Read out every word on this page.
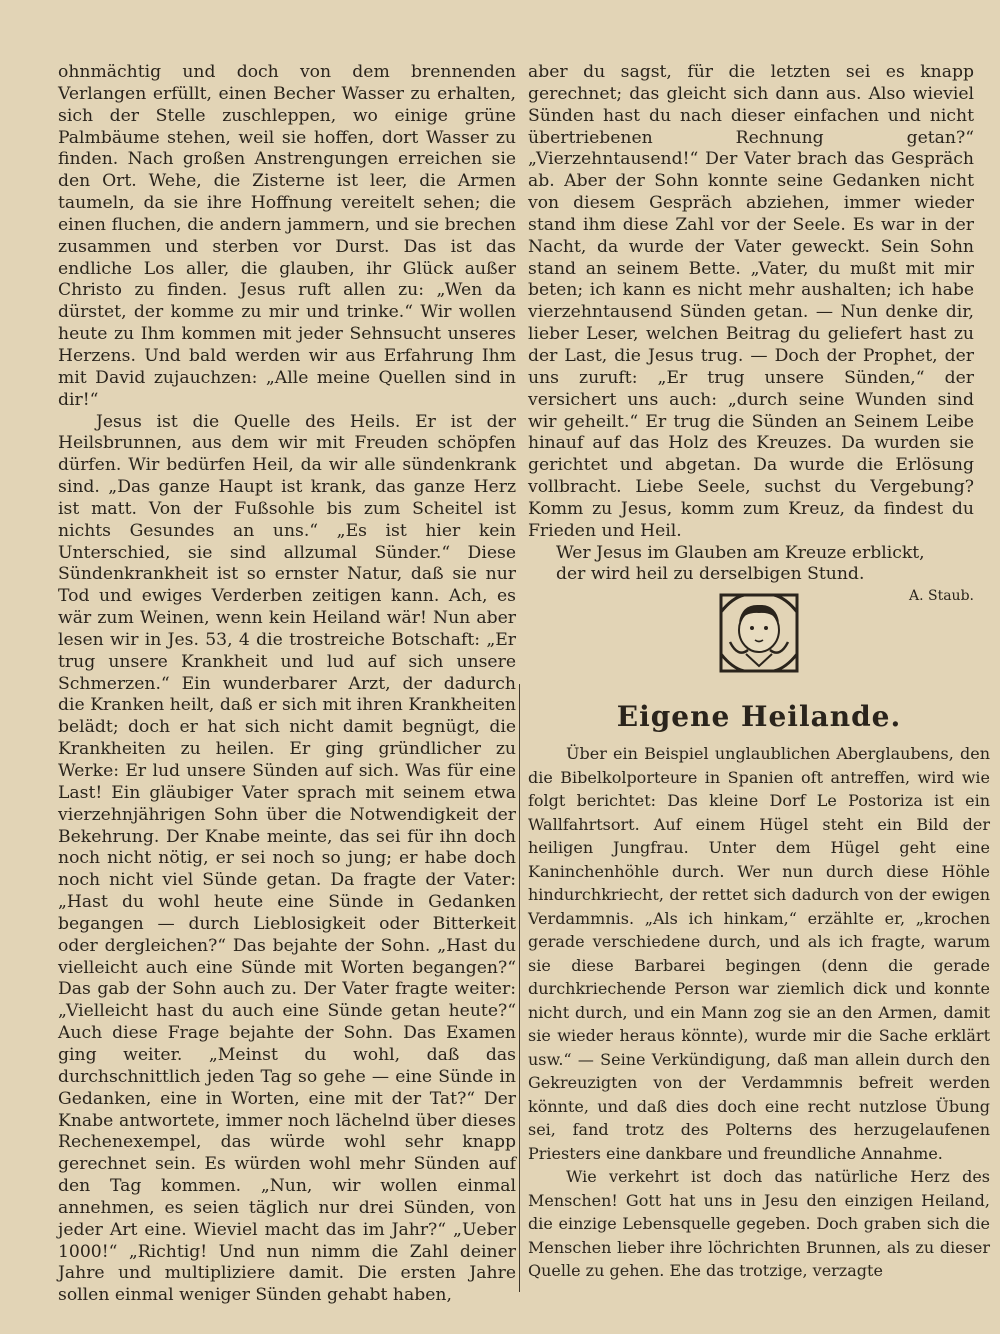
ohnmächtig und doch von dem brennenden Verlangen erfüllt, einen Becher Wasser zu erhalten, sich der Stelle zuschleppen, wo einige grüne Palmbäume stehen, weil sie hoffen, dort Wasser zu finden. Nach großen Anstrengungen erreichen sie den Ort. Wehe, die Zisterne ist leer, die Armen taumeln, da sie ihre Hoffnung vereitelt sehen; die einen fluchen, die andern jammern, und sie brechen zusammen und sterben vor Durst. Das ist das endliche Los aller, die glauben, ihr Glück außer Christo zu finden. Jesus ruft allen zu: „Wen da dürstet, der komme zu mir und trinke.“ Wir wollen heute zu Ihm kommen mit jeder Sehnsucht unseres Herzens. Und bald werden wir aus Erfahrung Ihm mit David zujauchzen: „Alle meine Quellen sind in dir!“

Jesus ist die Quelle des Heils. Er ist der Heilsbrunnen, aus dem wir mit Freuden schöpfen dürfen. Wir bedürfen Heil, da wir alle sündenkrank sind. „Das ganze Haupt ist krank, das ganze Herz ist matt. Von der Fußsohle bis zum Scheitel ist nichts Gesundes an uns.“ „Es ist hier kein Unterschied, sie sind allzumal Sünder.“ Diese Sündenkrankheit ist so ernster Natur, daß sie nur Tod und ewiges Verderben zeitigen kann. Ach, es wär zum Weinen, wenn kein Heiland wär! Nun aber lesen wir in Jes. 53, 4 die trostreiche Botschaft: „Er trug unsere Krankheit und lud auf sich unsere Schmerzen.“ Ein wunderbarer Arzt, der dadurch die Kranken heilt, daß er sich mit ihren Krankheiten belädt; doch er hat sich nicht damit begnügt, die Krankheiten zu heilen. Er ging gründlicher zu Werke: Er lud unsere Sünden auf sich. Was für eine Last! Ein gläubiger Vater sprach mit seinem etwa vierzehnjährigen Sohn über die Notwendigkeit der Bekehrung. Der Knabe meinte, das sei für ihn doch noch nicht nötig, er sei noch so jung; er habe doch noch nicht viel Sünde getan. Da fragte der Vater: „Hast du wohl heute eine Sünde in Gedanken begangen — durch Lieblosigkeit oder Bitterkeit oder dergleichen?“ Das bejahte der Sohn. „Hast du vielleicht auch eine Sünde mit Worten begangen?“ Das gab der Sohn auch zu. Der Vater fragte weiter: „Vielleicht hast du auch eine Sünde getan heute?“ Auch diese Frage bejahte der Sohn. Das Examen ging weiter. „Meinst du wohl, daß das durchschnittlich jeden Tag so gehe — eine Sünde in Gedanken, eine in Worten, eine mit der Tat?“ Der Knabe antwortete, immer noch lächelnd über dieses Rechenexempel, das würde wohl sehr knapp gerechnet sein. Es würden wohl mehr Sünden auf den Tag kommen. „Nun, wir wollen einmal annehmen, es seien täglich nur drei Sünden, von jeder Art eine. Wieviel macht das im Jahr?“ „Ueber 1000!“ „Richtig! Und nun nimm die Zahl deiner Jahre und multipliziere damit. Die ersten Jahre sollen einmal weniger Sünden gehabt haben,

aber du sagst, für die letzten sei es knapp gerechnet; das gleicht sich dann aus. Also wieviel Sünden hast du nach dieser einfachen und nicht übertriebenen Rechnung getan?“ „Vierzehntausend!“ Der Vater brach das Gespräch ab. Aber der Sohn konnte seine Gedanken nicht von diesem Gespräch abziehen, immer wieder stand ihm diese Zahl vor der Seele. Es war in der Nacht, da wurde der Vater geweckt. Sein Sohn stand an seinem Bette. „Vater, du mußt mit mir beten; ich kann es nicht mehr aushalten; ich habe vierzehntausend Sünden getan. — Nun denke dir, lieber Leser, welchen Beitrag du geliefert hast zu der Last, die Jesus trug. — Doch der Prophet, der uns zuruft: „Er trug unsere Sünden,“ der versichert uns auch: „durch seine Wunden sind wir geheilt.“ Er trug die Sünden an Seinem Leibe hinauf auf das Holz des Kreuzes. Da wurden sie gerichtet und abgetan. Da wurde die Erlösung vollbracht. Liebe Seele, suchst du Vergebung? Komm zu Jesus, komm zum Kreuz, da findest du Frieden und Heil.

Wer Jesus im Glauben am Kreuze erblickt,

der wird heil zu derselbigen Stund.

A. Staub.

Eigene Heilande.

Über ein Beispiel unglaublichen Aberglaubens, den die Bibelkolporteure in Spanien oft antreffen, wird wie folgt berichtet: Das kleine Dorf Le Postoriza ist ein Wallfahrtsort. Auf einem Hügel steht ein Bild der heiligen Jungfrau. Unter dem Hügel geht eine Kaninchenhöhle durch. Wer nun durch diese Höhle hindurchkriecht, der rettet sich dadurch von der ewigen Verdammnis. „Als ich hinkam,“ erzählte er, „krochen gerade verschiedene durch, und als ich fragte, warum sie diese Barbarei begingen (denn die gerade durchkriechende Person war ziemlich dick und konnte nicht durch, und ein Mann zog sie an den Armen, damit sie wieder heraus könnte), wurde mir die Sache erklärt usw.“ — Seine Verkündigung, daß man allein durch den Gekreuzigten von der Verdammnis befreit werden könnte, und daß dies doch eine recht nutzlose Übung sei, fand trotz des Polterns des herzugelaufenen Priesters eine dankbare und freundliche Annahme.

Wie verkehrt ist doch das natürliche Herz des Menschen! Gott hat uns in Jesu den einzigen Heiland, die einzige Lebensquelle gegeben. Doch graben sich die Menschen lieber ihre löchrichten Brunnen, als zu dieser Quelle zu gehen. Ehe das trotzige, verzagte
